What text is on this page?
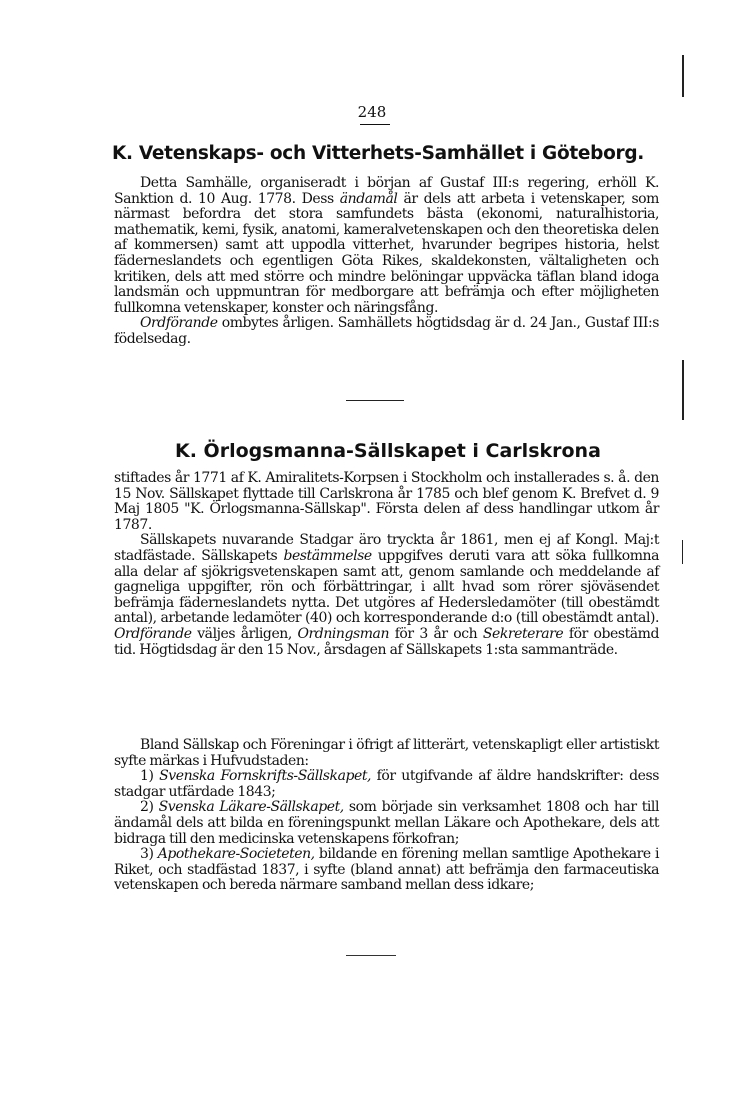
248
K. Vetenskaps- och Vitterhets-Samhället i Göteborg.

Detta Samhälle, organiseradt i början af Gustaf III:s regering, erhöll K. Sanktion d. 10 Aug. 1778. Dess ändamål är dels att arbeta i vetenskaper, som närmast befordra det stora samfundets bästa (ekonomi, naturalhistoria, mathematik, kemi, fysik, anatomi, kameralvetenskapen och den theoretiska delen af kommersen) samt att uppodla vitterhet, hvarunder begripes historia, helst fäderneslandets och egentligen Göta Rikes, skaldekonsten, vältaligheten och kritiken, dels att med större och mindre belöningar uppväcka täflan bland idoga landsmän och uppmuntran för medborgare att befrämja och efter möjligheten fullkomna vetenskaper, konster och näringsfång.

Ordförande ombytes årligen. Samhällets högtidsdag är d. 24 Jan., Gustaf III:s födelsedag.

K. Örlogsmanna-Sällskapet i Carlskrona

stiftades år 1771 af K. Amiralitets-Korpsen i Stockholm och installerades s. å. den 15 Nov. Sällskapet flyttade till Carlskrona år 1785 och blef genom K. Brefvet d. 9 Maj 1805 "K. Örlogsmanna-Sällskap". Första delen af dess handlingar utkom år 1787.

Sällskapets nuvarande Stadgar äro tryckta år 1861, men ej af Kongl. Maj:t stadfästade. Sällskapets bestämmelse uppgifves deruti vara att söka fullkomna alla delar af sjökrigsvetenskapen samt att, genom samlande och meddelande af gagneliga uppgifter, rön och förbättringar, i allt hvad som rörer sjöväsendet befrämja fäderneslandets nytta. Det utgöres af Hedersledamöter (till obestämdt antal), arbetande ledamöter (40) och korresponderande d:o (till obestämdt antal). Ordförande väljes årligen, Ordningsman för 3 år och Sekreterare för obestämd tid. Högtidsdag är den 15 Nov., årsdagen af Sällskapets 1:sta sammanträde.

Bland Sällskap och Föreningar i öfrigt af litterärt, vetenskapligt eller artistiskt syfte märkas i Hufvudstaden:

1) Svenska Fornskrifts-Sällskapet, för utgifvande af äldre handskrifter: dess stadgar utfärdade 1843;

2) Svenska Läkare-Sällskapet, som började sin verksamhet 1808 och har till ändamål dels att bilda en föreningspunkt mellan Läkare och Apothekare, dels att bidraga till den medicinska vetenskapens förkofran;

3) Apothekare-Societeten, bildande en förening mellan samtlige Apothekare i Riket, och stadfästad 1837, i syfte (bland annat) att befrämja den farmaceutiska vetenskapen och bereda närmare samband mellan dess idkare;
